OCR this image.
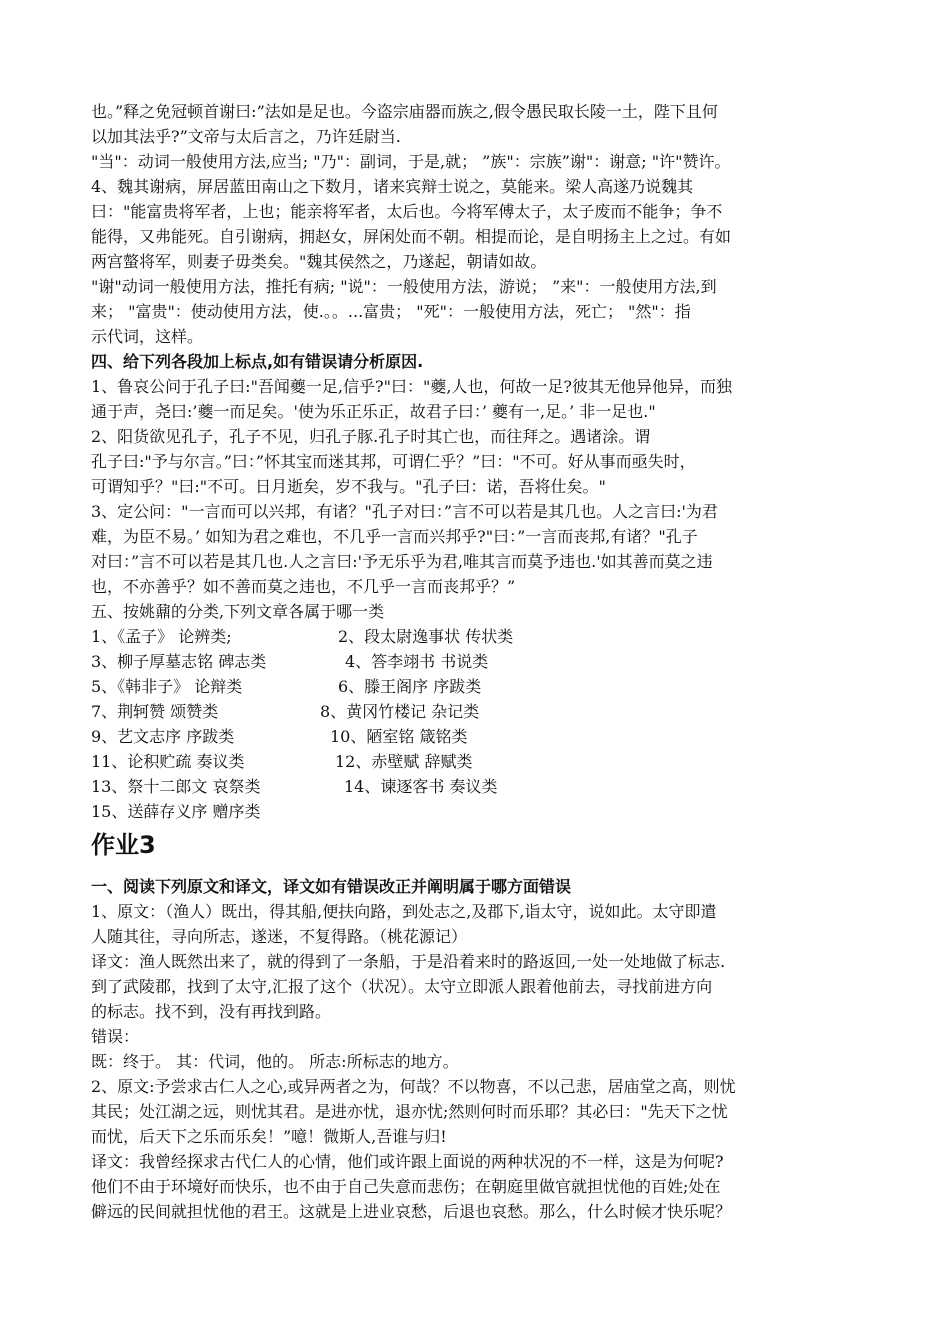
也。”释之免冠顿首谢曰:”法如是足也。今盗宗庙器而族之,假令愚民取长陵一土，陛下且何
以加其法乎?”文帝与太后言之，乃许廷尉当.
"当"：动词一般使用方法,应当; "乃"：副词，于是,就； ”族"：宗族”谢"：谢意; "许"赞许。
4、魏其谢病，屏居蓝田南山之下数月，诸来宾辩士说之，莫能来。梁人高遂乃说魏其
曰："能富贵将军者，上也；能亲将军者，太后也。今将军傅太子，太子废而不能争；争不
能得，又弗能死。自引谢病，拥赵女，屏闲处而不朝。相提而论，是自明扬主上之过。有如
两宫螫将军，则妻子毋类矣。"魏其侯然之，乃遂起，朝请如故。
"谢"动词一般使用方法，推托有病; "说"：一般使用方法，游说； ”来"：一般使用方法,到
来； "富贵"：使动使用方法，使.。。...富贵； "死"：一般使用方法，死亡； "然"：指
示代词，这样。
四、给下列各段加上标点,如有错误请分析原因.
1、鲁哀公问于孔子曰:"吾闻夔一足,信乎?"曰："夔,人也，何故一足?彼其无他异他异，而独
通于声，尧曰:’夔一而足矣。'使为乐正乐正，故君子曰：’ 夔有一,足。’ 非一足也."
2、阳货欲见孔子，孔子不见，归孔子豚.孔子时其亡也，而往拜之。遇诸涂。谓
孔子曰:"予与尔言。”曰：”怀其宝而迷其邦，可谓仁乎？”曰："不可。好从事而亟失时，
可谓知乎？"曰:"不可。日月逝矣，岁不我与。"孔子曰：诺，吾将仕矣。"
3、定公问："一言而可以兴邦，有诸？"孔子对曰：”言不可以若是其几也。人之言曰:'为君
难，为臣不易。’ 如知为君之难也，不几乎一言而兴邦乎?"曰：”一言而丧邦,有诸？"孔子
对曰：”言不可以若是其几也.人之言曰:'予无乐乎为君,唯其言而莫予违也.'如其善而莫之违
也，不亦善乎？如不善而莫之违也，不几乎一言而丧邦乎？”
五、按姚鼐的分类,下列文章各属于哪一类
1、《孟子》 论辨类;	2、段太尉逸事状 传状类
3、柳子厚墓志铭 碑志类	4、答李翊书 书说类
5、《韩非子》 论辩类	6、滕王阁序 序跋类
7、荆轲赞 颂赞类	8、黄冈竹楼记 杂记类
9、艺文志序 序跋类	10、陋室铭 箴铭类
11、论积贮疏 奏议类	12、赤壁赋 辞赋类
13、祭十二郎文 哀祭类	14、谏逐客书 奏议类
15、送薛存义序 赠序类
作业3
一、阅读下列原文和译文，译文如有错误改正并阐明属于哪方面错误
1、原文：（渔人）既出，得其船,便扶向路，到处志之,及郡下,诣太守，说如此。太守即遣
人随其往，寻向所志，遂迷，不复得路。（桃花源记）
译文：渔人既然出来了，就的得到了一条船，于是沿着来时的路返回,一处一处地做了标志.
到了武陵郡，找到了太守,汇报了这个（状况）。太守立即派人跟着他前去，寻找前进方向
的标志。找不到，没有再找到路。
错误：
既：终于。 其：代词，他的。 所志:所标志的地方。
2、原文:予尝求古仁人之心,或异两者之为，何哉？不以物喜，不以己悲，居庙堂之高，则忧
其民；处江湖之远，则忧其君。是进亦忧，退亦忧;然则何时而乐耶？其必曰："先天下之忧
而忧，后天下之乐而乐矣！”噫！微斯人,吾谁与归!
译文：我曾经探求古代仁人的心情，他们或许跟上面说的两种状况的不一样，这是为何呢?
他们不由于环境好而快乐，也不由于自己失意而悲伤；在朝庭里做官就担忧他的百姓;处在
僻远的民间就担忧他的君王。这就是上进业哀愁，后退也哀愁。那么，什么时候才快乐呢？
